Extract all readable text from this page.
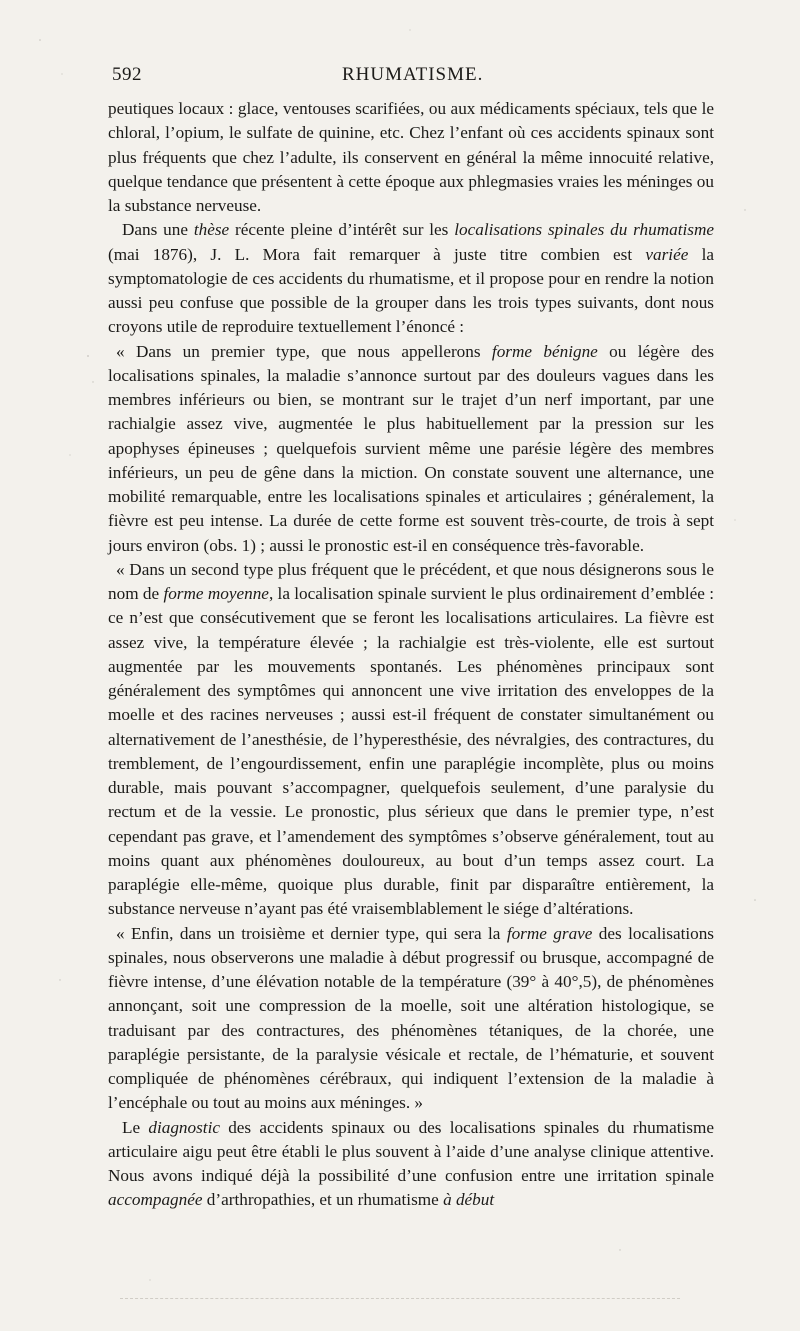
592	RHUMATISME.

peutiques locaux : glace, ventouses scarifiées, ou aux médicaments spéciaux, tels que le chloral, l’opium, le sulfate de quinine, etc. Chez l’enfant où ces accidents spinaux sont plus fréquents que chez l’adulte, ils conservent en général la même innocuité relative, quelque tendance que présentent à cette époque aux phlegmasies vraies les méninges ou la substance nerveuse.

Dans une thèse récente pleine d’intérêt sur les localisations spinales du rhumatisme (mai 1876), J. L. Mora fait remarquer à juste titre combien est variée la symptomatologie de ces accidents du rhumatisme, et il propose pour en rendre la notion aussi peu confuse que possible de la grouper dans les trois types suivants, dont nous croyons utile de reproduire textuellement l’énoncé :

« Dans un premier type, que nous appellerons forme bénigne ou légère des localisations spinales, la maladie s’annonce surtout par des douleurs vagues dans les membres inférieurs ou bien, se montrant sur le trajet d’un nerf important, par une rachialgie assez vive, augmentée le plus habituellement par la pression sur les apophyses épineuses ; quelquefois survient même une parésie légère des membres inférieurs, un peu de gêne dans la miction. On constate souvent une alternance, une mobilité remarquable, entre les localisations spinales et articulaires ; généralement, la fièvre est peu intense. La durée de cette forme est souvent très-courte, de trois à sept jours environ (obs. 1) ; aussi le pronostic est-il en conséquence très-favorable.

« Dans un second type plus fréquent que le précédent, et que nous désignerons sous le nom de forme moyenne, la localisation spinale survient le plus ordinairement d’emblée : ce n’est que consécutivement que se feront les localisations articulaires. La fièvre est assez vive, la température élevée ; la rachialgie est très-violente, elle est surtout augmentée par les mouvements spontanés. Les phénomènes principaux sont généralement des symptômes qui annoncent une vive irritation des enveloppes de la moelle et des racines nerveuses ; aussi est-il fréquent de constater simultanément ou alternativement de l’anesthésie, de l’hyperesthésie, des névralgies, des contractures, du tremblement, de l’engourdissement, enfin une paraplégie incomplète, plus ou moins durable, mais pouvant s’accompagner, quelquefois seulement, d’une paralysie du rectum et de la vessie. Le pronostic, plus sérieux que dans le premier type, n’est cependant pas grave, et l’amendement des symptômes s’observe généralement, tout au moins quant aux phénomènes douloureux, au bout d’un temps assez court. La paraplégie elle-même, quoique plus durable, finit par disparaître entièrement, la substance nerveuse n’ayant pas été vraisemblablement le siége d’altérations.

« Enfin, dans un troisième et dernier type, qui sera la forme grave des localisations spinales, nous observerons une maladie à début progressif ou brusque, accompagné de fièvre intense, d’une élévation notable de la température (39° à 40°,5), de phénomènes annonçant, soit une compression de la moelle, soit une altération histologique, se traduisant par des contractures, des phénomènes tétaniques, de la chorée, une paraplégie persistante, de la paralysie vésicale et rectale, de l’hématurie, et souvent compliquée de phénomènes cérébraux, qui indiquent l’extension de la maladie à l’encéphale ou tout au moins aux méninges. »

Le diagnostic des accidents spinaux ou des localisations spinales du rhumatisme articulaire aigu peut être établi le plus souvent à l’aide d’une analyse clinique attentive. Nous avons indiqué déjà la possibilité d’une confusion entre une irritation spinale accompagnée d’arthropathies, et un rhumatisme à début
